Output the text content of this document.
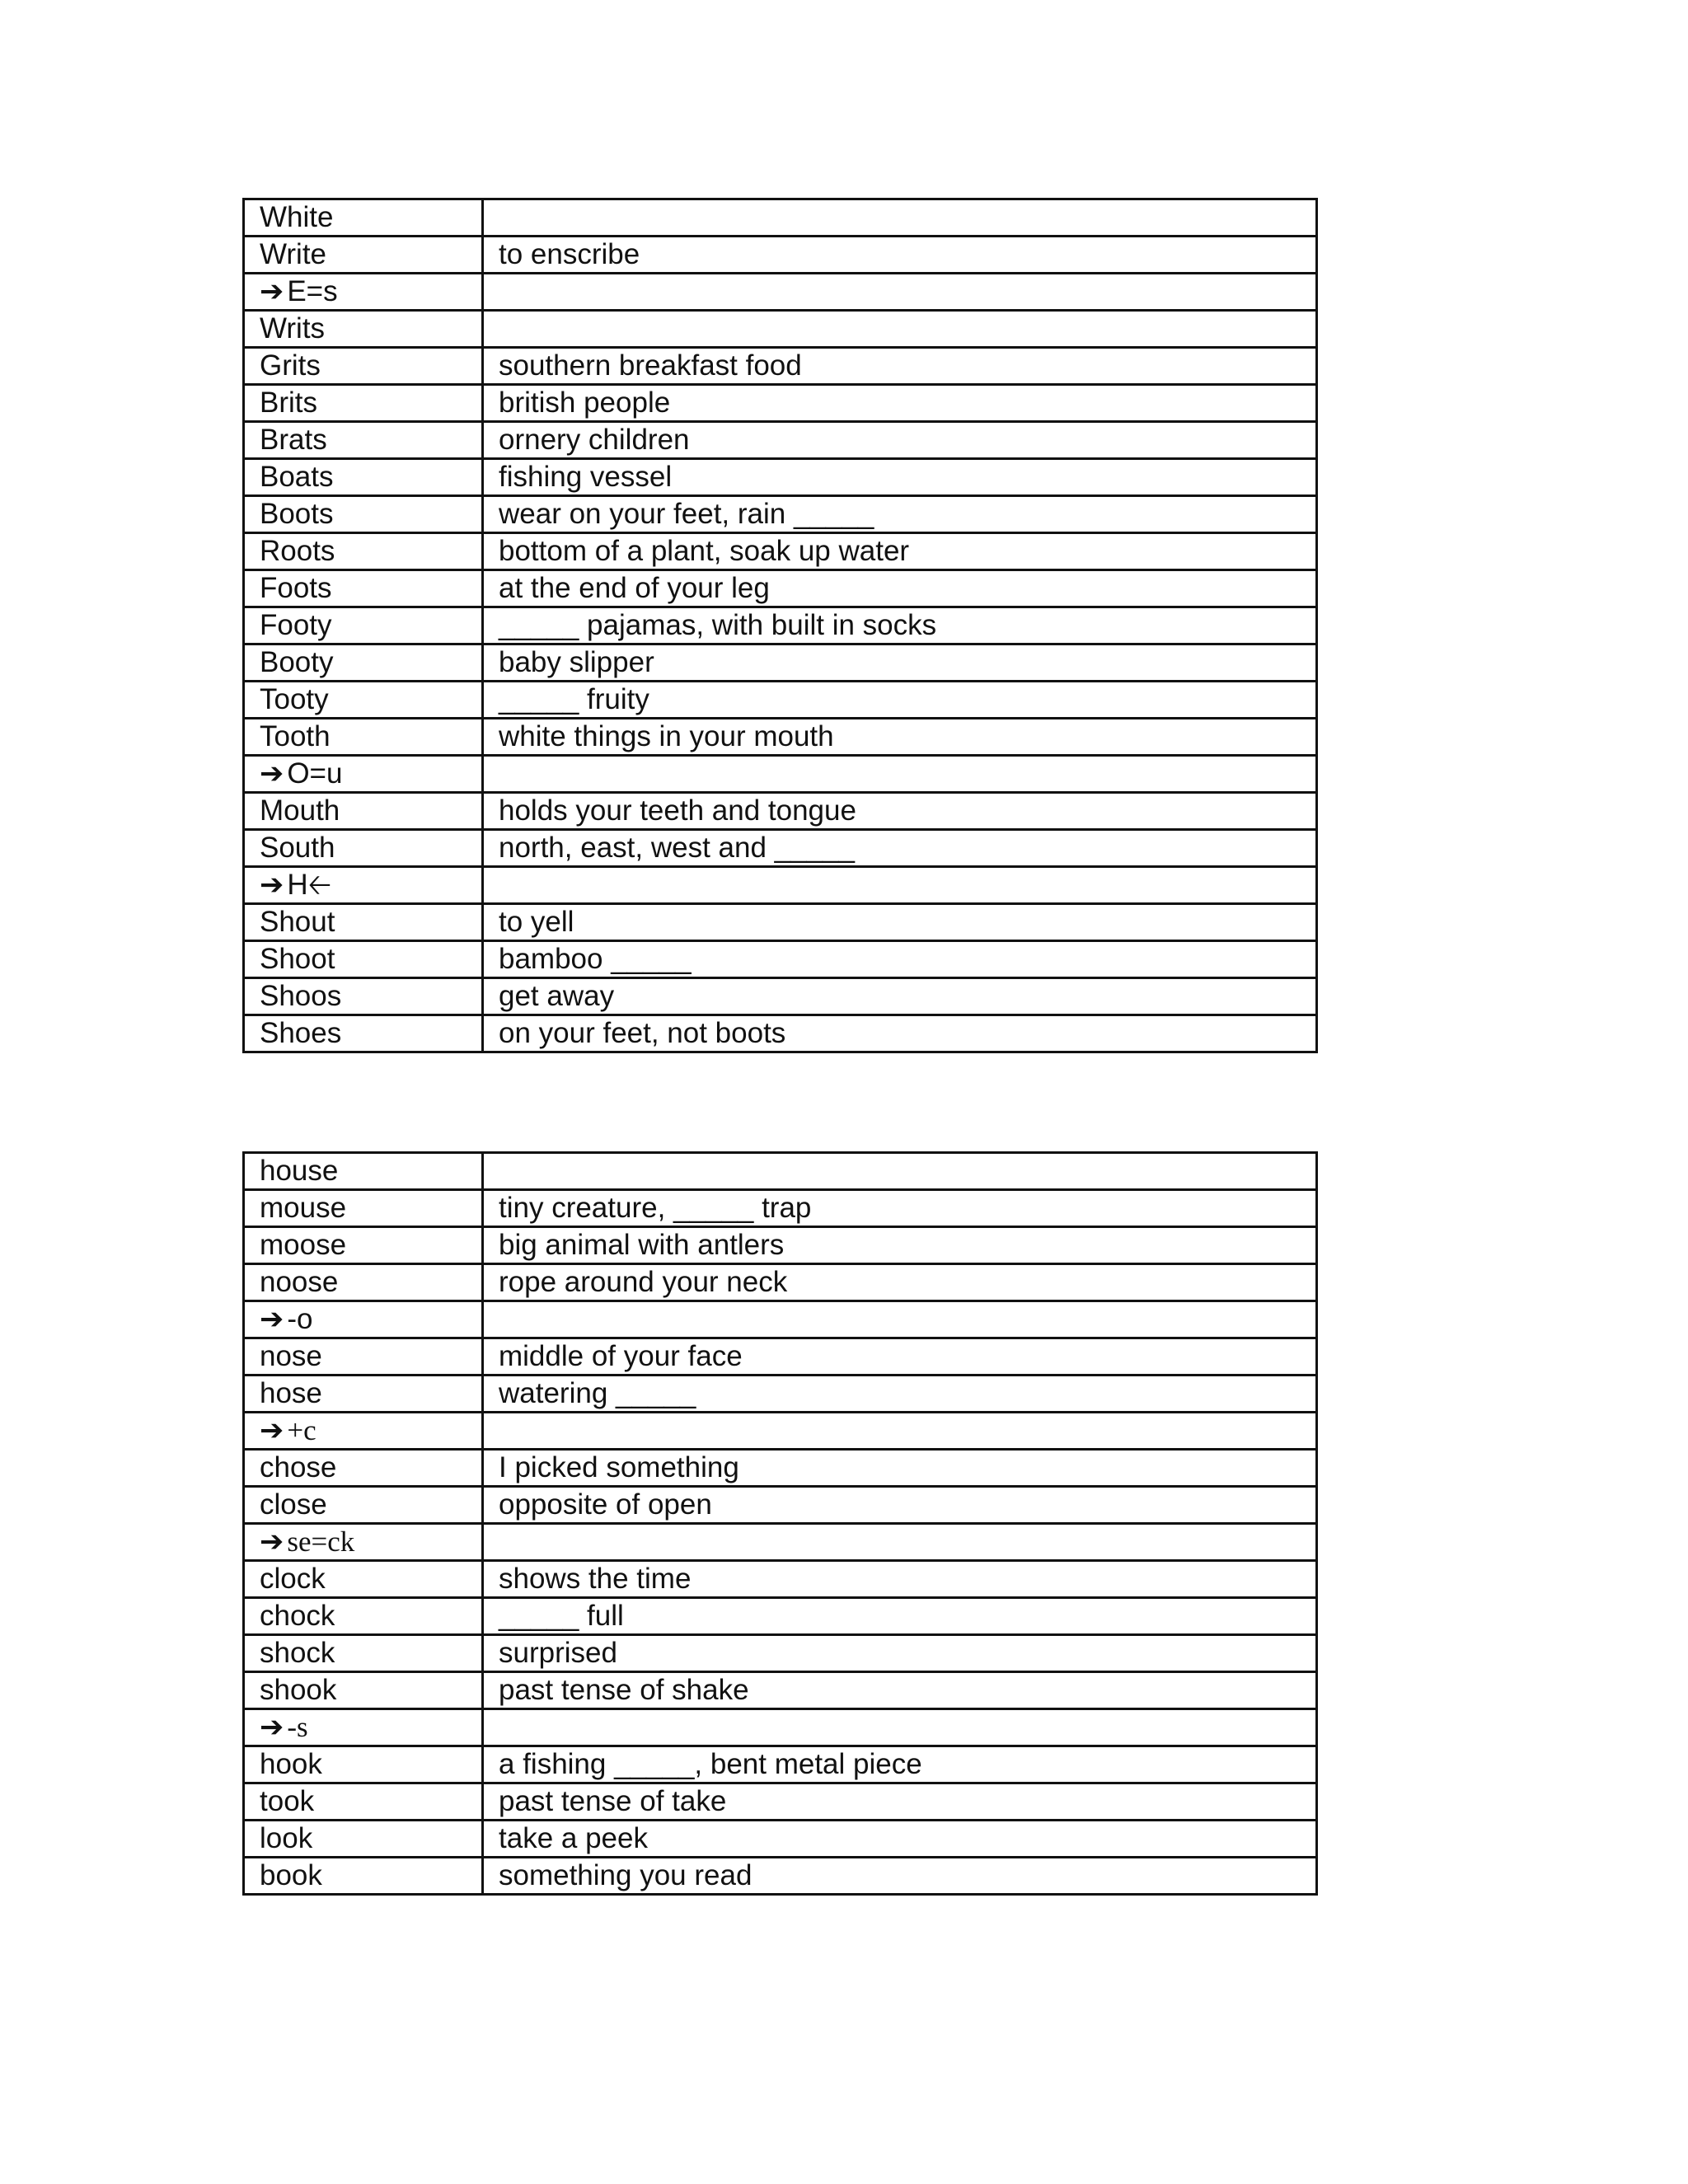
White	
Write	to enscribe
➔ E=s	
Writs	
Grits	southern breakfast food
Brits	british people
Brats	ornery children
Boats	fishing vessel
Boots	wear on your feet, rain _____
Roots	bottom of a plant, soak up water
Foots	at the end of your leg
Footy	_____ pajamas, with built in socks
Booty	baby slipper
Tooty	_____ fruity
Tooth	white things in your mouth
➔ O=u	
Mouth	holds your teeth and tongue
South	north, east, west and _____
➔ H🡠	
Shout	to yell
Shoot	bamboo _____
Shoos	get away
Shoes	on your feet, not boots
house	
mouse	tiny creature, _____ trap
moose	big animal with antlers
noose	rope around your neck
➔ -o	
nose	middle of your face
hose	watering _____
➔ +c	
chose	I picked something
close	opposite of open
➔ se=ck	
clock	shows the time
chock	_____ full
shock	surprised
shook	past tense of shake
➔ -s	
hook	a fishing _____, bent metal piece
took	past tense of take
look	take a peek
book	something you read
